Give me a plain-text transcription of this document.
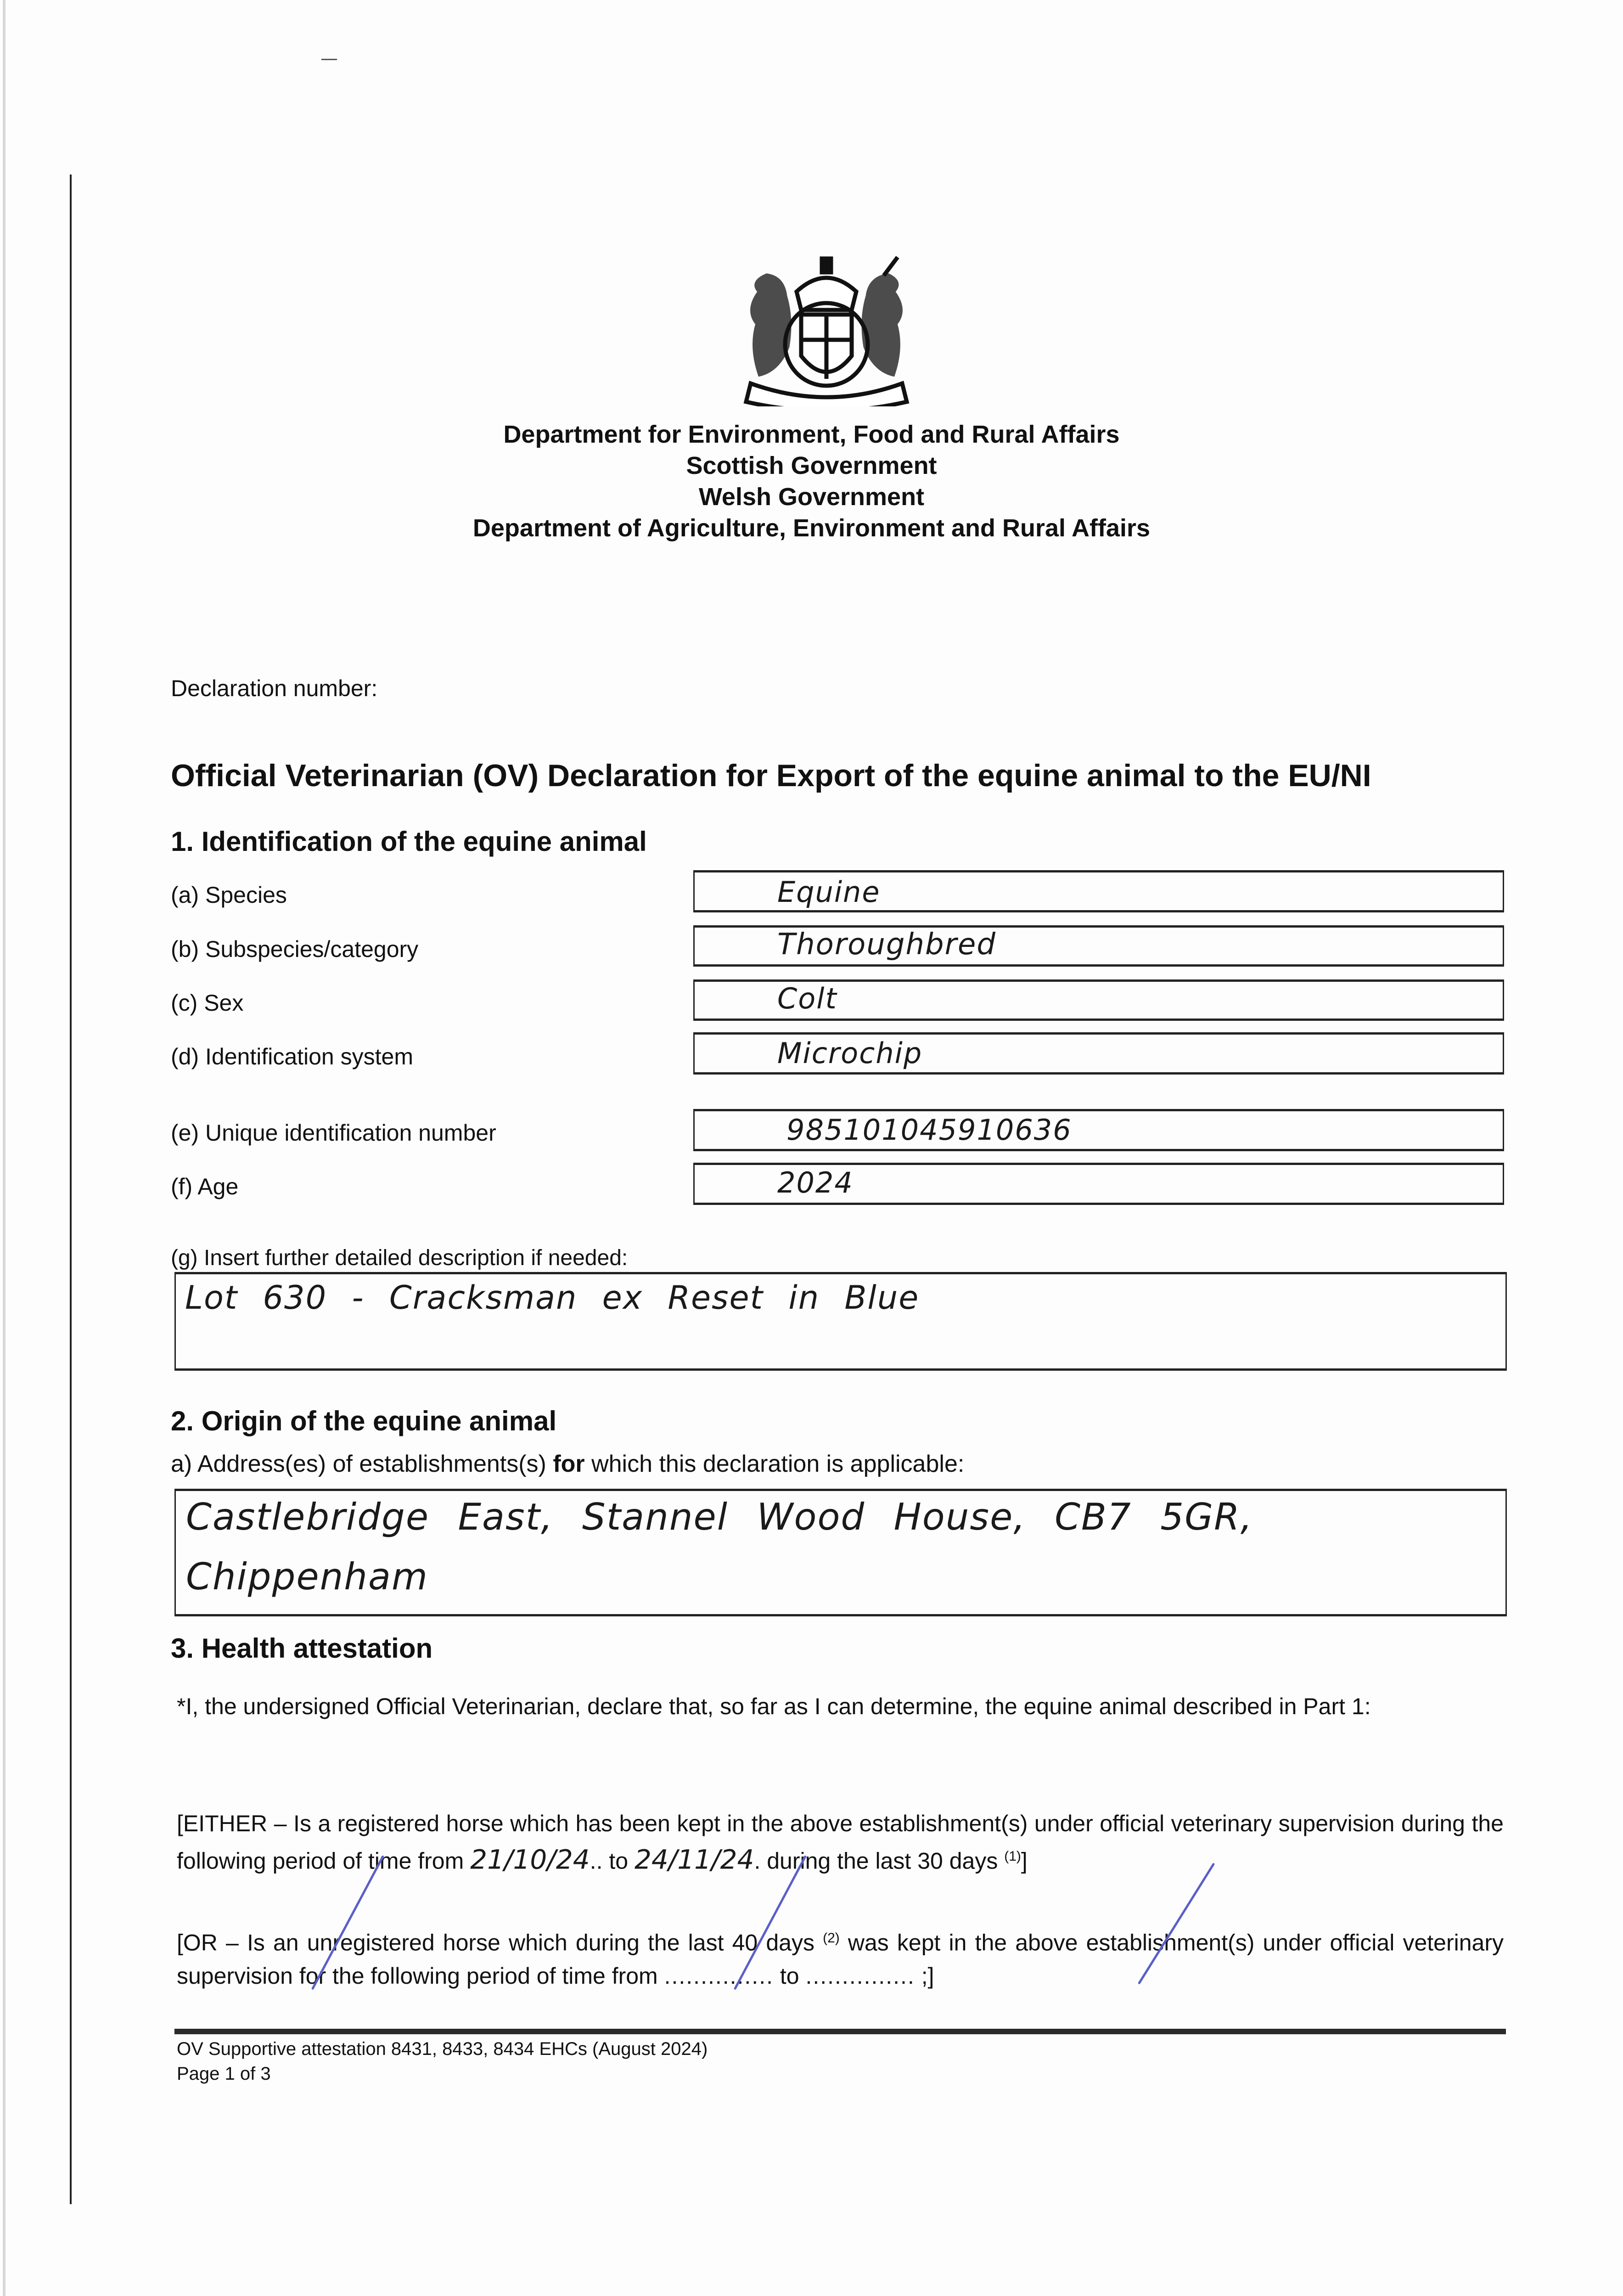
Department for Environment, Food and Rural Affairs
Scottish Government
Welsh Government
Department of Agriculture, Environment and Rural Affairs
Declaration number:
Official Veterinarian (OV) Declaration for Export of the equine animal to the EU/NI
1. Identification of the equine animal
(a) Species	Equine
(b) Subspecies/category	Thoroughbred
(c) Sex	Colt
(d) Identification system	Microchip
(e) Unique identification number	985101045910636
(f) Age	2024
(g) Insert further detailed description if needed:
Lot 630 - Cracksman ex Reset in Blue
2. Origin of the equine animal
a) Address(es) of establishments(s) for which this declaration is applicable:
Castlebridge East, Stannel Wood House, CB7 5GR,
Chippenham
3. Health attestation
*I, the undersigned Official Veterinarian, declare that, so far as I can determine, the equine animal described in Part 1:
[EITHER – Is a registered horse which has been kept in the above establishment(s) under official veterinary supervision during the following period of time from 21/10/24.. to 24/11/24. during the last 30 days $^{(1)}$]
[OR – Is an unregistered horse which during the last 40 days $^{(2)}$ was kept in the above establishment(s) under official veterinary supervision for the following period of time from ............... to ............... ;]
OV Supportive attestation 8431, 8433, 8434 EHCs (August 2024)
Page 1 of 3
